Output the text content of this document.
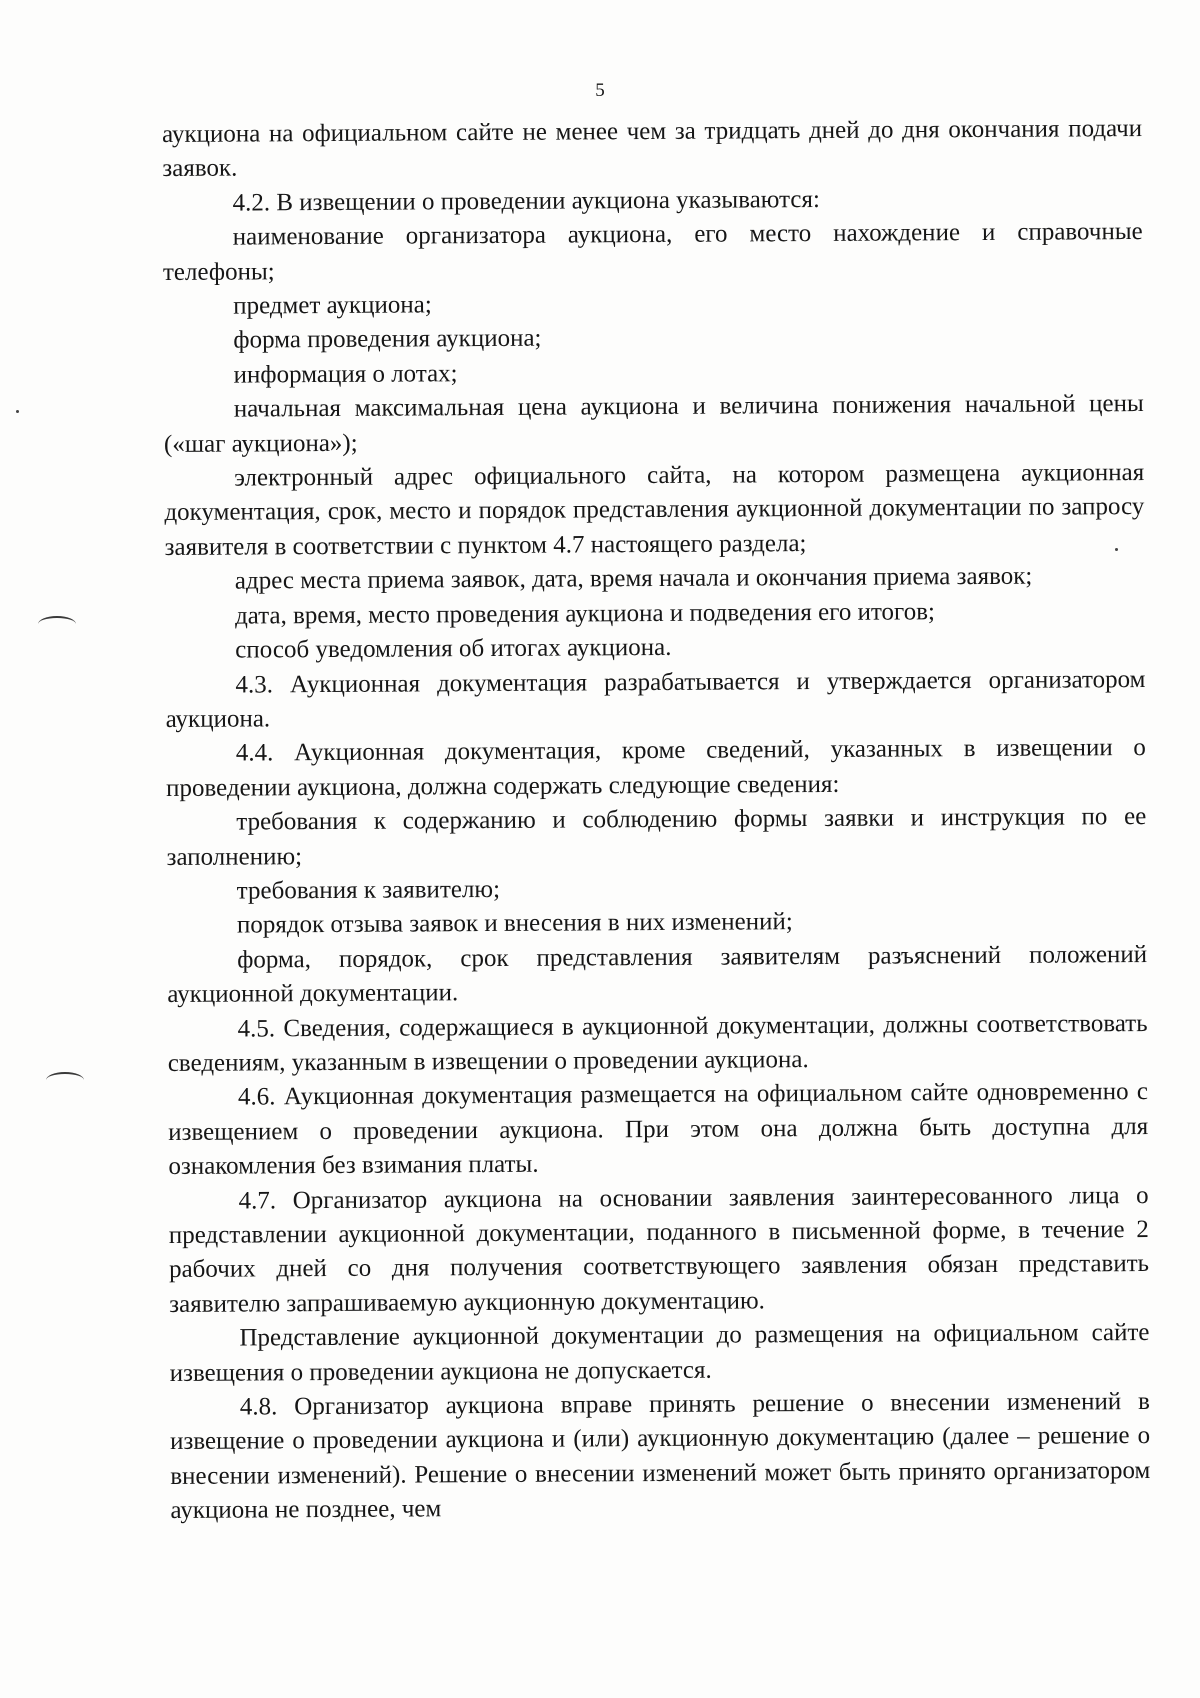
5

аукциона на официальном сайте не менее чем за тридцать дней до дня окончания подачи заявок.

4.2. В извещении о проведении аукциона указываются:

наименование организатора аукциона, его место нахождение и справочные телефоны;

предмет аукциона;

форма проведения аукциона;

информация о лотах;

начальная максимальная цена аукциона и величина понижения начальной цены («шаг аукциона»);

электронный адрес официального сайта, на котором размещена аукционная документация, срок, место и порядок представления аукционной документации по запросу заявителя в соответствии с пунктом 4.7 настоящего раздела;

адрес места приема заявок, дата, время начала и окончания приема заявок;

дата, время, место проведения аукциона и подведения его итогов;

способ уведомления об итогах аукциона.

4.3. Аукционная документация разрабатывается и утверждается организатором аукциона.

4.4. Аукционная документация, кроме сведений, указанных в извещении о проведении аукциона, должна содержать следующие сведения:

требования к содержанию и соблюдению формы заявки и инструкция по ее заполнению;

требования к заявителю;

порядок отзыва заявок и внесения в них изменений;

форма, порядок, срок представления заявителям разъяснений положений аукционной документации.

4.5. Сведения, содержащиеся в аукционной документации, должны соответствовать сведениям, указанным в извещении о проведении аукциона.

4.6. Аукционная документация размещается на официальном сайте одновременно с извещением о проведении аукциона. При этом она должна быть доступна для ознакомления без взимания платы.

4.7. Организатор аукциона на основании заявления заинтересованного лица о представлении аукционной документации, поданного в письменной форме, в течение 2 рабочих дней со дня получения соответствующего заявления обязан представить заявителю запрашиваемую аукционную документацию.

Представление аукционной документации до размещения на официальном сайте извещения о проведении аукциона не допускается.

4.8. Организатор аукциона вправе принять решение о внесении изменений в извещение о проведении аукциона и (или) аукционную документацию (далее – решение о внесении изменений). Решение о внесении изменений может быть принято организатором аукциона не позднее, чем
